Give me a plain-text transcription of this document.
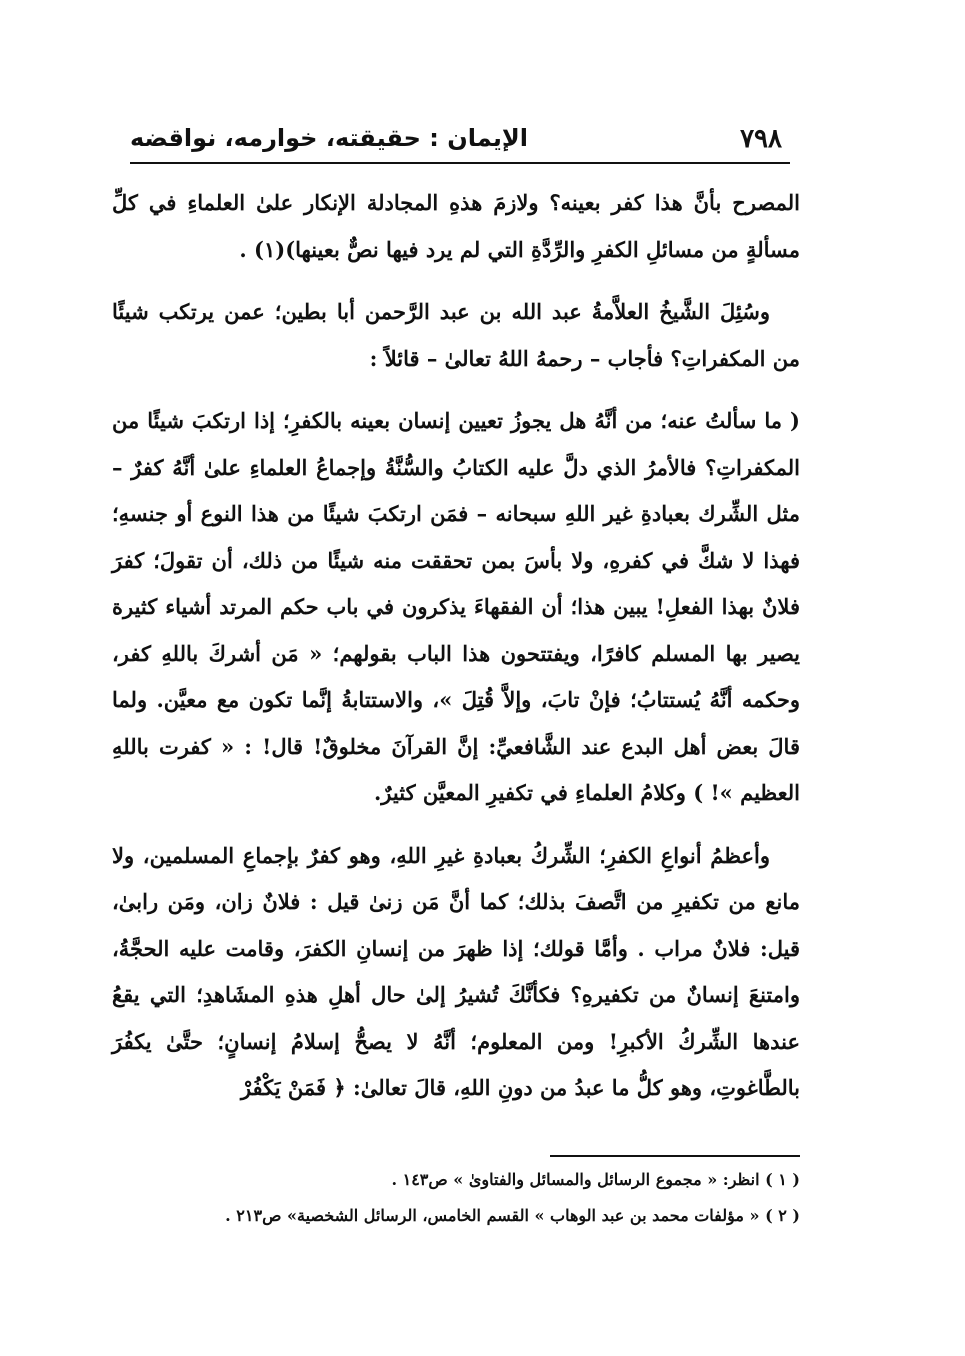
٧٩٨
الإيمان : حقيقته، خوارمه، نواقضه

المصرح بأنَّ هذا كفر بعينه؟ ولازمَ هذهِ المجادلة الإنكار علىٰ العلماءِ في كلِّ مسألةٍ من مسائلِ الكفرِ والرِّدَّةِ التي لم يرد فيها نصٌّ بعينها)(١) .

وسُئِلَ الشَّيخُ العلاَّمةُ عبد الله بن عبد الرَّحمن أبا بطين؛ عمن يرتكب شيئًا من المكفراتِ؟ فأجاب – رحمهُ اللهُ تعالىٰ – قائلاً :

( ما سألتُ عنه؛ من أنَّهُ هل يجوزُ تعيين إنسان بعينه بالكفرِ؛ إذا ارتكبَ شيئًا من المكفراتِ؟ فالأمرُ الذي دلَّ عليه الكتابُ والسُّنَّةُ وإجماعُ العلماءِ علىٰ أنَّهُ كفرٌ – مثل الشِّرك بعبادةِ غير اللهِ سبحانه – فمَن ارتكبَ شيئًا من هذا النوع أو جنسهِ؛ فهذا لا شكَّ في كفرهِ، ولا بأسَ بمن تحققت منه شيئًا من ذلك، أن تقولَ؛ كفرَ فلانٌ بهذا الفعلِ! يبين هذا؛ أن الفقهاءَ يذكرون في باب حكم المرتد أشياء كثيرة يصير بها المسلم كافرًا، ويفتتحون هذا الباب بقولهم؛ « مَن أشركَ باللهِ كفر، وحكمه أنَّهُ يُستتابُ؛ فإنْ تابَ، وإلاَّ قُتِلَ »، والاستتابةُ إنَّما تكون مع معيَّن. ولما قالَ بعض أهل البدع عند الشَّافعيِّ: إنَّ القرآنَ مخلوقٌ! قال! : « كفرت باللهِ العظيم »! ) وكلامُ العلماءِ في تكفيرِ المعيَّن كثيرٌ.

وأعظمُ أنواعِ الكفرِ؛ الشِّركُ بعبادةِ غيرِ اللهِ، وهو كفرٌ بإجماعِ المسلمين، ولا مانع من تكفيرِ من اتَّصفَ بذلك؛ كما أنَّ مَن زنىٰ قيل : فلانٌ زان، ومَن رابىٰ، قيل: فلانٌ مراب . وأمَّا قولك؛ إذا ظهرَ من إنسانِ الكفرَ، وقامت عليه الحجَّةُ، وامتنعَ إنسانٌ من تكفيرهِ؟ فكأنَّكَ تُشيرُ إلىٰ حال أهلِ هذهِ المشَاهدِ؛ التي يقعُ عندها الشِّركُ الأكبرِ! ومن المعلوم؛ أنَّهُ لا يصحُّ إسلامُ إنسانٍ؛ حتَّىٰ يكفُرَ بالطَّاغوتِ، وهو كلُّ ما عبدُ من دونِ اللهِ، قالَ تعالىٰ: ﴿ فَمَنْ يَكْفُرْ

( ١ ) انظر: « مجموع الرسائل والمسائل والفتاوىٰ » ص١٤٣ .

( ٢ ) « مؤلفات محمد بن عبد الوهاب » القسم الخامس، الرسائل الشخصية» ص٢١٣ .
